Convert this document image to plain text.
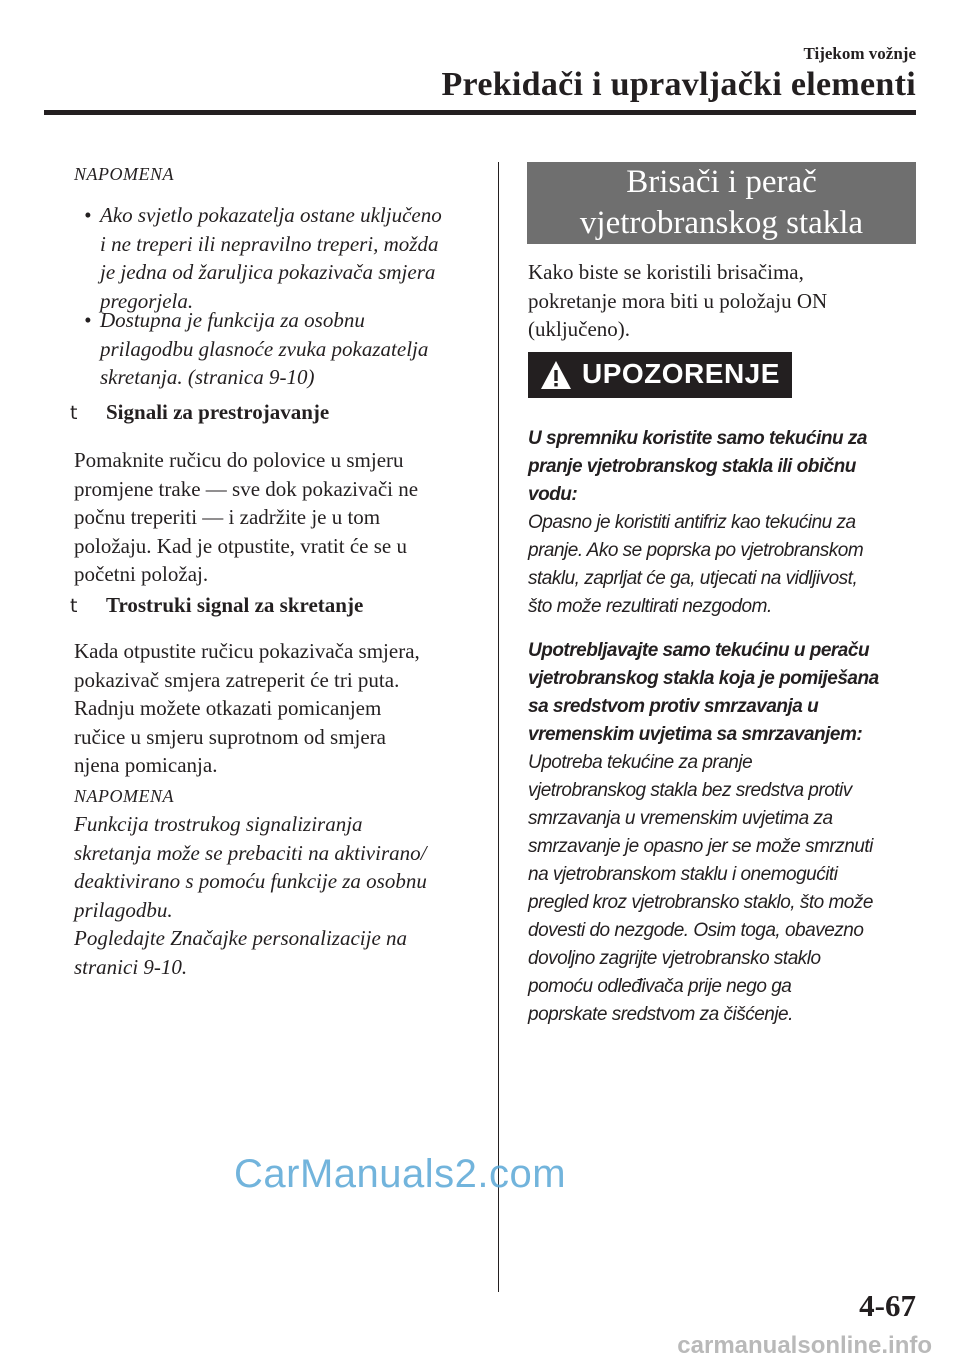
Tijekom vožnje
Prekidači i upravljački elementi
NAPOMENA
• Ako svjetlo pokazatelja ostane uključeno
i ne treperi ili nepravilno treperi, možda
je jedna od žaruljica pokazivača smjera
pregorjela.
• Dostupna je funkcija za osobnu
prilagodbu glasnoće zvuka pokazatelja
skretanja. (stranica 9-10)
t Signali za prestrojavanje
Pomaknite ručicu do polovice u smjeru
promjene trake — sve dok pokazivači ne
počnu treperiti — i zadržite je u tom
položaju. Kad je otpustite, vratit će se u
početni položaj.
t Trostruki signal za skretanje
Kada otpustite ručicu pokazivača smjera,
pokazivač smjera zatreperit će tri puta.
Radnju možete otkazati pomicanjem
ručice u smjeru suprotnom od smjera
njena pomicanja.
NAPOMENA
Funkcija trostrukog signaliziranja
skretanja može se prebaciti na aktivirano/
deaktivirano s pomoću funkcije za osobnu
prilagodbu.
Pogledajte Značajke personalizacije na
stranici 9-10.
Brisači i perač
vjetrobranskog stakla
Kako biste se koristili brisačima,
pokretanje mora biti u položaju ON
(uključeno).
UPOZORENJE
U spremniku koristite samo tekućinu za
pranje vjetrobranskog stakla ili običnu
vodu:
Opasno je koristiti antifriz kao tekućinu za
pranje. Ako se poprska po vjetrobranskom
staklu, zaprljat će ga, utjecati na vidljivost,
što može rezultirati nezgodom.
Upotrebljavajte samo tekućinu u peraču
vjetrobranskog stakla koja je pomiješana
sa sredstvom protiv smrzavanja u
vremenskim uvjetima sa smrzavanjem:
Upotreba tekućine za pranje
vjetrobranskog stakla bez sredstva protiv
smrzavanja u vremenskim uvjetima za
smrzavanje je opasno jer se može smrznuti
na vjetrobranskom staklu i onemogućiti
pregled kroz vjetrobransko staklo, što može
dovesti do nezgode. Osim toga, obavezno
dovoljno zagrijte vjetrobransko staklo
pomoću odleđivača prije nego ga
poprskate sredstvom za čišćenje.
CarManuals2.com
4-67
carmanualsonline.info
